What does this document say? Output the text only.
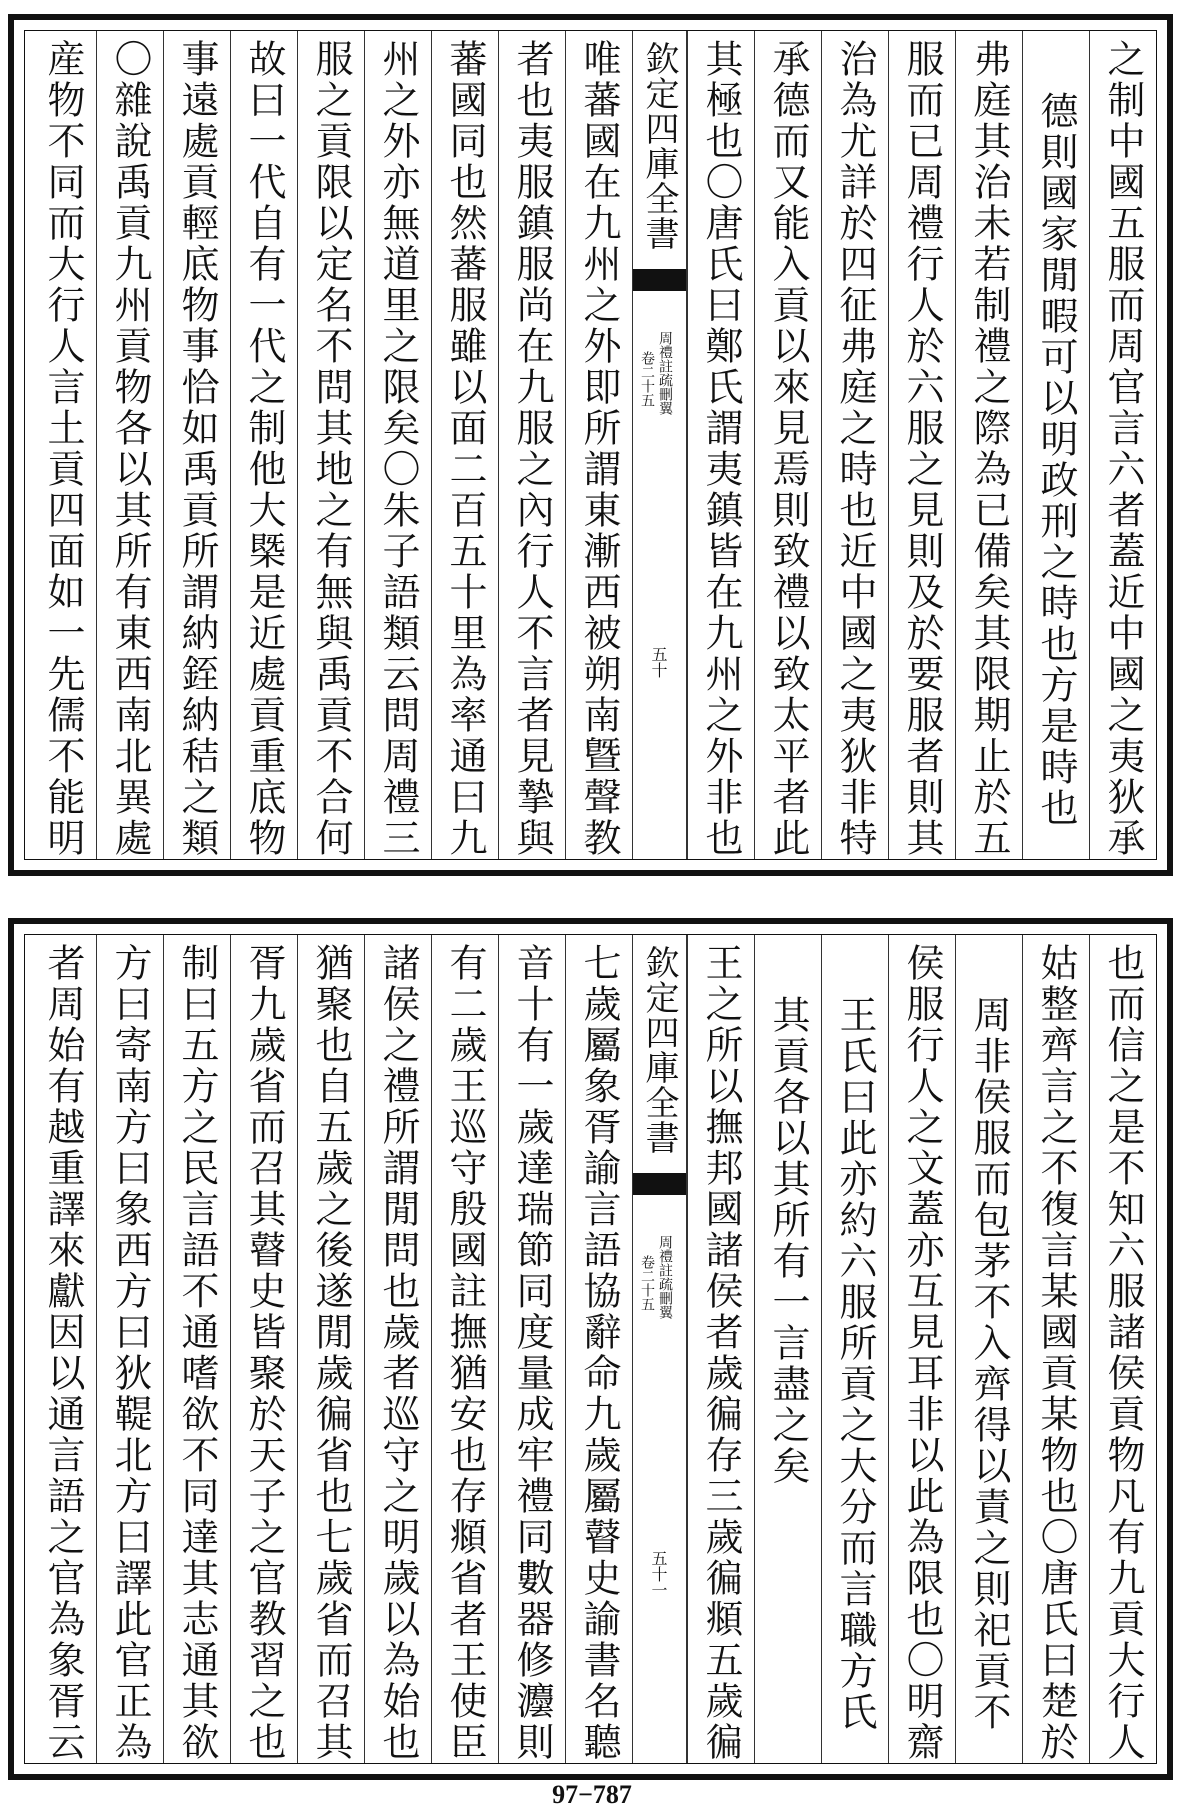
之制中國五服而周官言六者蓋近中國之夷狄承
德則國家閒暇可以明政刑之時也方是時也
弗庭其治未若制禮之際為已備矣其限期止於五
服而已周禮行人於六服之見則及於要服者則其
治為尤詳於四征弗庭之時也近中國之夷狄非特
承德而又能入貢以來見焉則致禮以致太平者此
其極也〇唐氏曰鄭氏謂夷鎮皆在九州之外非也
欽定四庫全書
周禮註疏刪翼
卷二十五
五十
唯蕃國在九州之外即所謂東漸西被朔南曁聲教
者也夷服鎮服尚在九服之內行人不言者見摯與
蕃國同也然蕃服雖以面二百五十里為率通曰九
州之外亦無道里之限矣〇朱子語類云問周禮三
服之貢限以定名不問其地之有無與禹貢不合何
故曰一代自有一代之制他大槩是近處貢重底物
事遠處貢輕底物事恰如禹貢所謂納銍納秸之類
〇雜說禹貢九州貢物各以其所有東西南北異處
産物不同而大行人言土貢四面如一先儒不能明
也而信之是不知六服諸侯貢物凡有九貢大行人
姑整齊言之不復言某國貢某物也〇唐氏曰楚於
周非侯服而包茅不入齊得以責之則祀貢不
侯服行人之文蓋亦互見耳非以此為限也〇明齋
王氏曰此亦約六服所貢之大分而言職方氏
其貢各以其所有一言盡之矣
王之所以撫邦國諸侯者歲徧存三歲徧頫五歲徧
欽定四庫全書
周禮註疏刪翼
卷二十五
五十一
七歲屬象胥諭言語協辭命九歲屬瞽史諭書名聽
音十有一歲達瑞節同度量成牢禮同數器修灋則
有二歲王巡守殷國註撫猶安也存頫省者王使臣
諸侯之禮所謂閒問也歲者巡守之明歲以為始也
猶聚也自五歲之後遂閒歲徧省也七歲省而召其
胥九歲省而召其瞽史皆聚於天子之官教習之也
制曰五方之民言語不通嗜欲不同達其志通其欲
方曰寄南方曰象西方曰狄鞮北方曰譯此官正為
者周始有越重譯來獻因以通言語之官為象胥云
97−787
